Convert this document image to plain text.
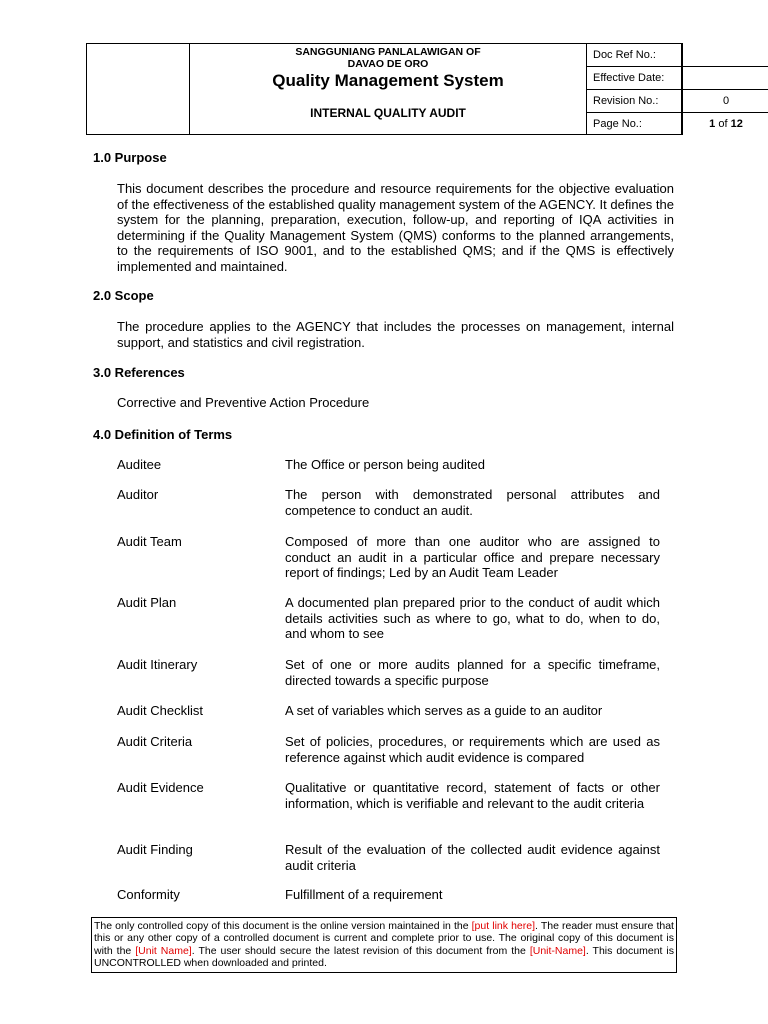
SANGGUNIANG PANLALAWIGAN OF
DAVAO DE ORO
Quality Management System
INTERNAL QUALITY AUDIT
Doc Ref No.:
Effective Date:
Revision No.:	0
Page No.:	1 of 12
1.0 Purpose
This document describes the procedure and resource requirements for the objective evaluation of the effectiveness of the established quality management system of the AGENCY. It defines the system for the planning, preparation, execution, follow-up, and reporting of IQA activities in determining if the Quality Management System (QMS) conforms to the planned arrangements, to the requirements of ISO 9001, and to the established QMS; and if the QMS is effectively implemented and maintained.
2.0 Scope
The procedure applies to the AGENCY that includes the processes on management, internal support, and statistics and civil registration.
3.0 References
Corrective and Preventive Action Procedure
4.0 Definition of Terms
Auditee	The Office or person being audited
Auditor	The person with demonstrated personal attributes and competence to conduct an audit.
Audit Team	Composed of more than one auditor who are assigned to conduct an audit in a particular office and prepare necessary report of findings; Led by an Audit Team Leader
Audit Plan	A documented plan prepared prior to the conduct of audit which details activities such as where to go, what to do, when to do, and whom to see
Audit Itinerary	Set of one or more audits planned for a specific timeframe, directed towards a specific purpose
Audit Checklist	A set of variables which serves as a guide to an auditor
Audit Criteria	Set of policies, procedures, or requirements which are used as reference against which audit evidence is compared
Audit Evidence	Qualitative or quantitative record, statement of facts or other information, which is verifiable and relevant to the audit criteria
Audit Finding	Result of the evaluation of the collected audit evidence against audit criteria
Conformity	Fulfillment of a requirement
The only controlled copy of this document is the online version maintained in the [put link here]. The reader must ensure that this or any other copy of a controlled document is current and complete prior to use. The original copy of this document is with the [Unit Name]. The user should secure the latest revision of this document from the [Unit-Name]. This document is UNCONTROLLED when downloaded and printed.
